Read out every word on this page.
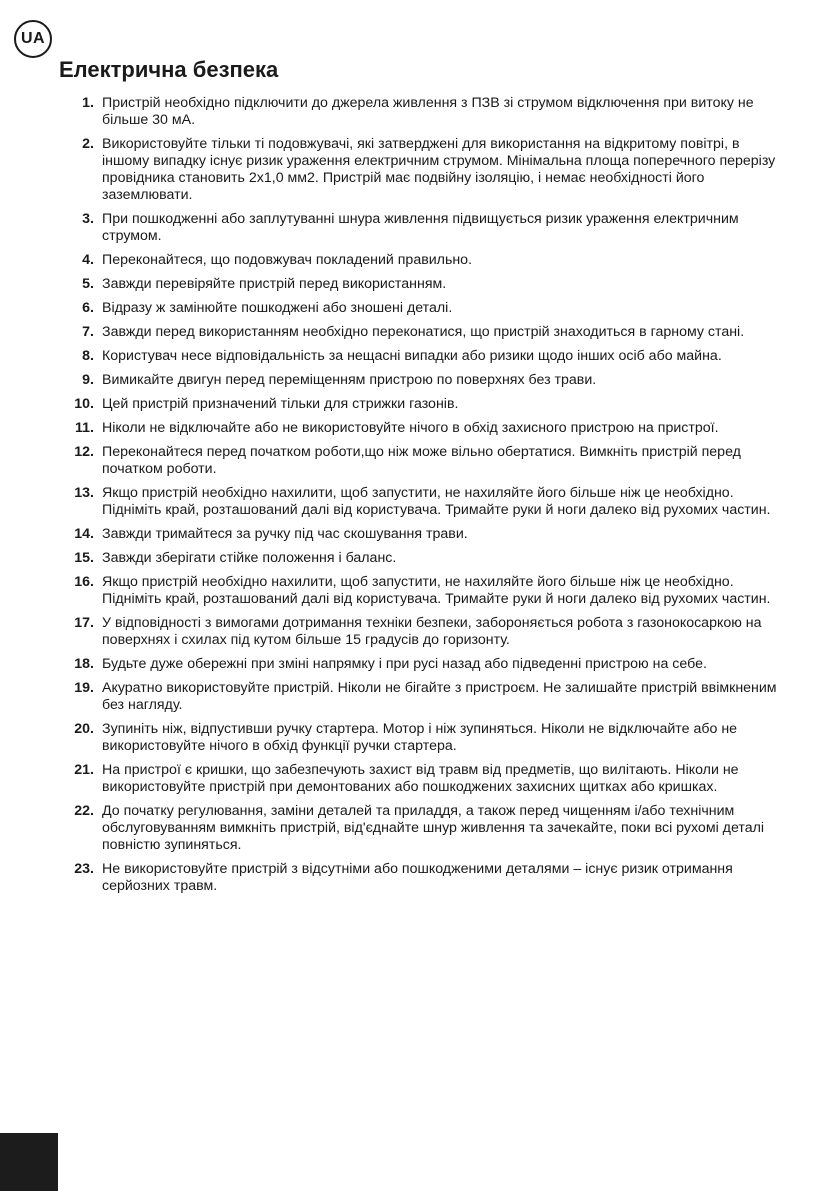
UA
Електрична безпека
1. Пристрій необхідно підключити до джерела живлення з ПЗВ зі струмом відключення при витоку не більше 30 мА.
2. Використовуйте тільки ті подовжувачі, які затверджені для використання на відкритому повітрі, в іншому випадку існує ризик ураження електричним струмом. Мінімальна площа поперечного перерізу провідника становить 2x1,0 мм2. Пристрій має подвійну ізоляцію, і немає необхідності його заземлювати.
3. При пошкодженні або заплутуванні шнура живлення підвищується ризик ураження електричним струмом.
4. Переконайтеся, що подовжувач покладений правильно.
5. Завжди перевіряйте пристрій перед використанням.
6. Відразу ж замінюйте пошкоджені або зношені деталі.
7. Завжди перед використанням необхідно переконатися, що пристрій знаходиться в гарному стані.
8. Користувач несе відповідальність за нещасні випадки або ризики щодо інших осіб або майна.
9. Вимикайте двигун перед переміщенням пристрою по поверхнях без трави.
10. Цей пристрій призначений тільки для стрижки газонів.
11. Ніколи не відключайте або не використовуйте нічого в обхід захисного пристрою на пристрої.
12. Переконайтеся перед початком роботи,що ніж може вільно обертатися. Вимкніть пристрій перед початком роботи.
13. Якщо пристрій необхідно нахилити, щоб запустити, не нахиляйте його більше ніж це необхідно. Підніміть край, розташований далі від користувача. Тримайте руки й ноги далеко від рухомих частин.
14. Завжди тримайтеся за ручку під час скошування трави.
15. Завжди зберігати стійке положення і баланс.
16. Якщо пристрій необхідно нахилити, щоб запустити, не нахиляйте його більше ніж це необхідно. Підніміть край, розташований далі від користувача. Тримайте руки й ноги далеко від рухомих частин.
17. У відповідності з вимогами дотримання техніки безпеки, забороняється робота з газонокосаркою на поверхнях і схилах під кутом більше 15 градусів до горизонту.
18. Будьте дуже обережні при зміні напрямку і при русі назад або підведенні пристрою на себе.
19. Акуратно використовуйте пристрій. Ніколи не бігайте з пристроєм. Не залишайте пристрій ввімкненим без нагляду.
20. Зупиніть ніж, відпустивши ручку стартера. Мотор і ніж зупиняться. Ніколи не відключайте або не використовуйте нічого в обхід функції ручки стартера.
21. На пристрої є кришки, що забезпечують захист від травм від предметів, що вилітають. Ніколи не використовуйте пристрій при демонтованих або пошкоджених захисних щитках або кришках.
22. До початку регулювання, заміни деталей та приладдя, а також перед чищенням і/або технічним обслуговуванням вимкніть пристрій, від'єднайте шнур живлення та зачекайте, поки всі рухомі деталі повністю зупиняться.
23. Не використовуйте пристрій з відсутніми або пошкодженими деталями – існує ризик отримання серйозних травм.
